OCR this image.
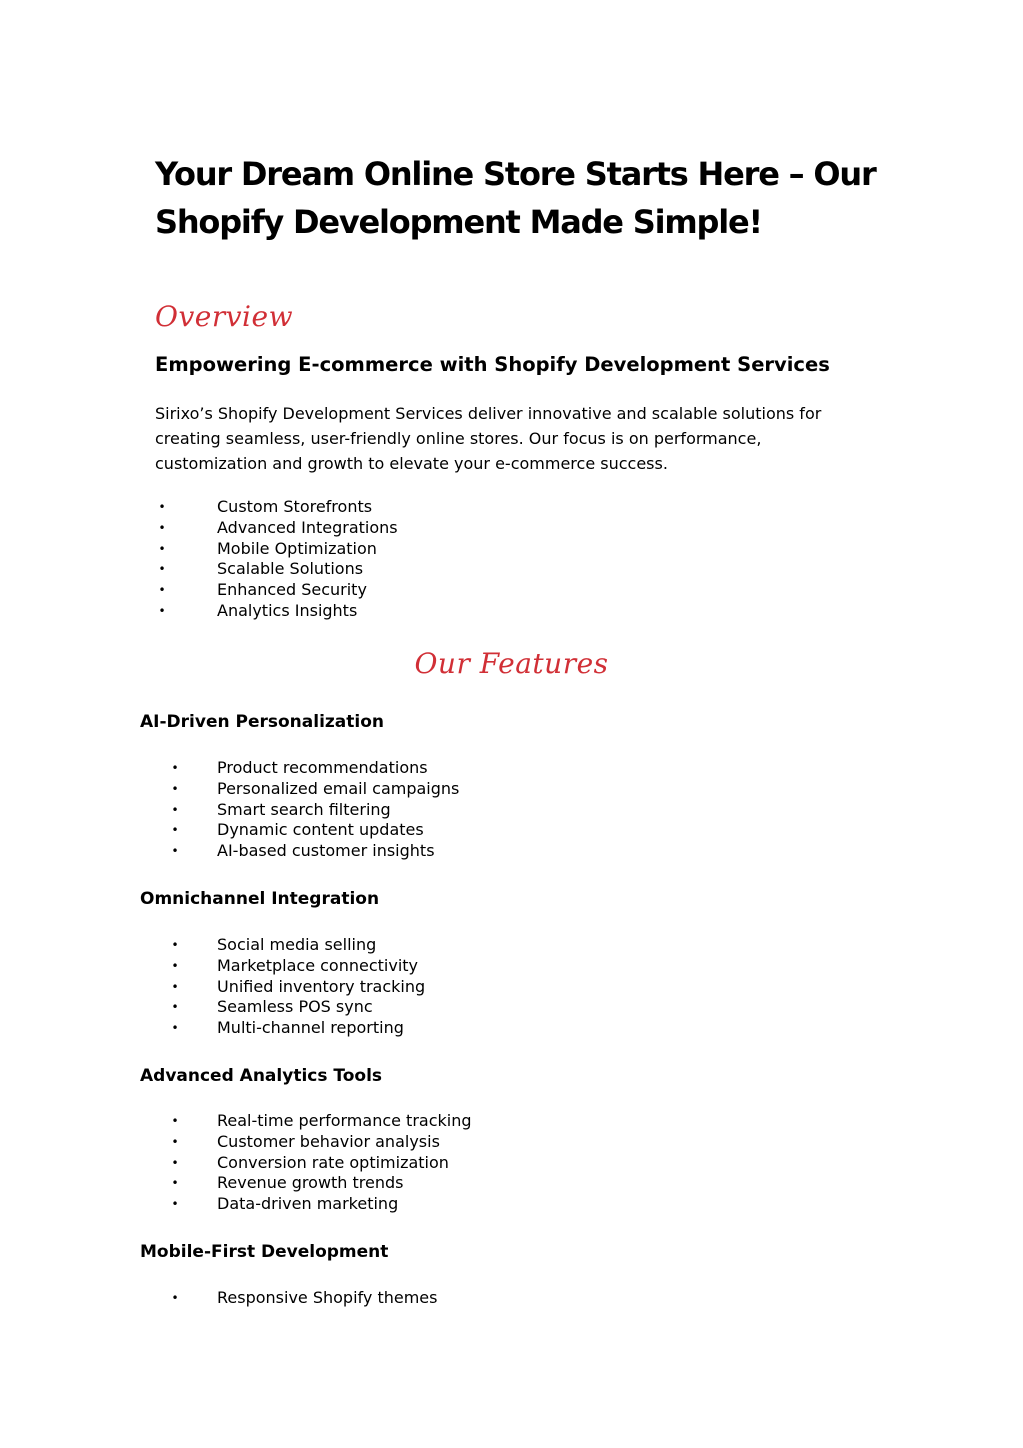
Your Dream Online Store Starts Here – Our Shopify Development Made Simple!
Overview
Empowering E-commerce with Shopify Development Services

Sirixo’s Shopify Development Services deliver innovative and scalable solutions for creating seamless, user-friendly online stores. Our focus is on performance, customization and growth to elevate your e-commerce success.

•	Custom Storefronts
•	Advanced Integrations
•	Mobile Optimization
•	Scalable Solutions
•	Enhanced Security
•	Analytics Insights
Our Features
AI-Driven Personalization
• Product recommendations
• Personalized email campaigns
• Smart search filtering
• Dynamic content updates
• AI-based customer insights
Omnichannel Integration
• Social media selling
• Marketplace connectivity
• Unified inventory tracking
• Seamless POS sync
• Multi-channel reporting
Advanced Analytics Tools
• Real-time performance tracking
• Customer behavior analysis
• Conversion rate optimization
• Revenue growth trends
• Data-driven marketing
Mobile-First Development
• Responsive Shopify themes
